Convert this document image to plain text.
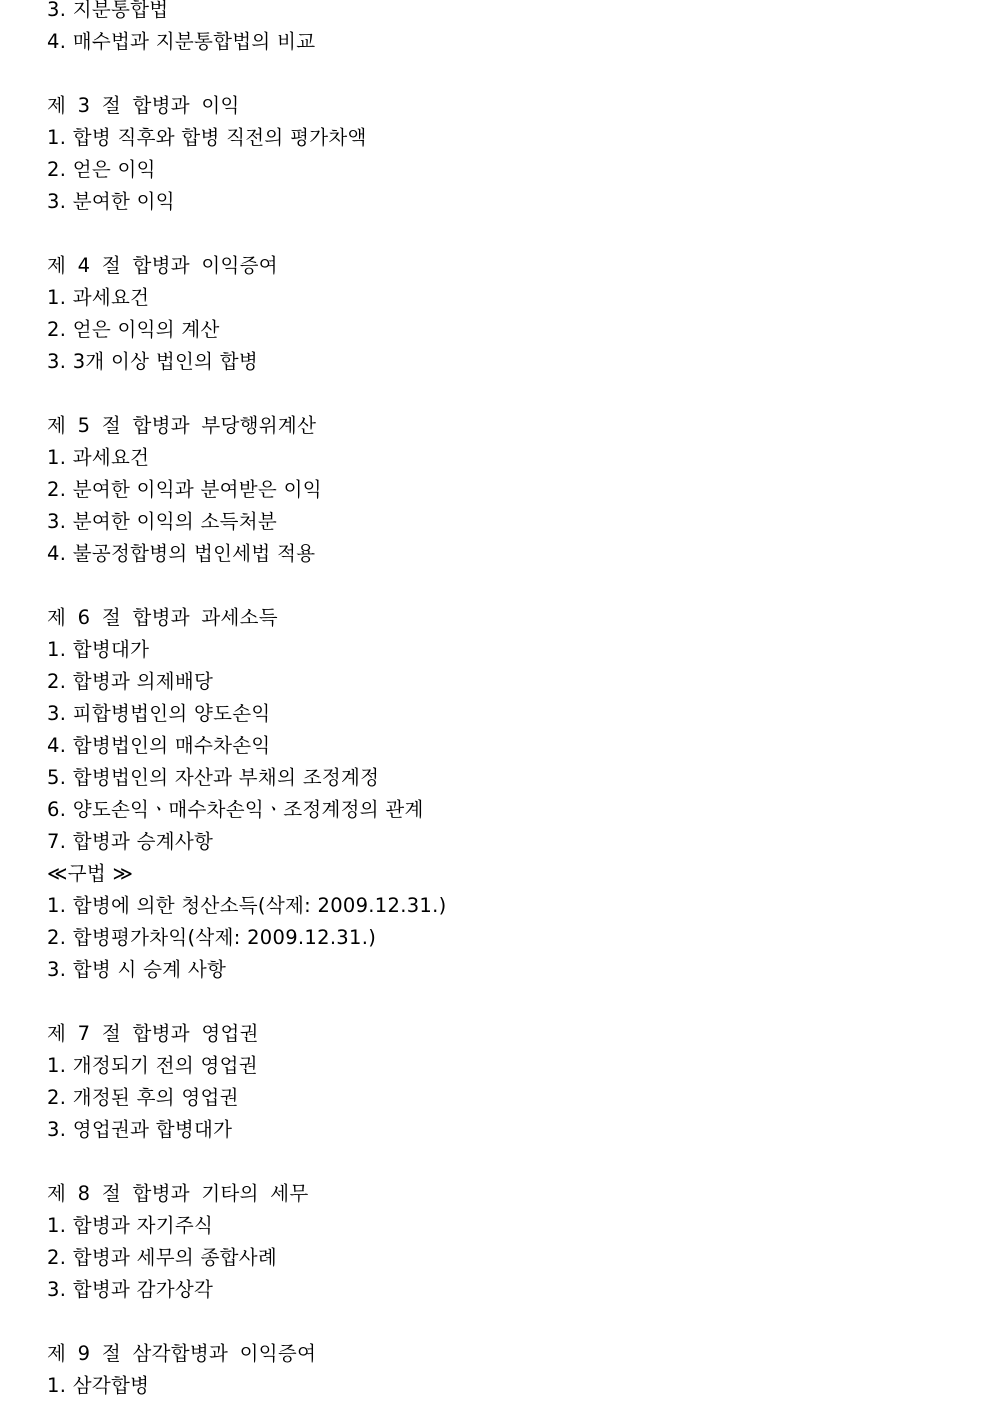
3. 지분통합법
4. 매수법과 지분통합법의 비교
제 3 절 합병과 이익
1. 합병 직후와 합병 직전의 평가차액
2. 얻은 이익
3. 분여한 이익
제 4 절 합병과 이익증여
1. 과세요건
2. 얻은 이익의 계산
3. 3개 이상 법인의 합병
제 5 절 합병과 부당행위계산
1. 과세요건
2. 분여한 이익과 분여받은 이익
3. 분여한 이익의 소득처분
4. 불공정합병의 법인세법 적용
제 6 절 합병과 과세소득
1. 합병대가
2. 합병과 의제배당
3. 피합병법인의 양도손익
4. 합병법인의 매수차손익
5. 합병법인의 자산과 부채의 조정계정
6. 양도손익ㆍ매수차손익ㆍ조정계정의 관계
7. 합병과 승계사항
≪구법 ≫
1. 합병에 의한 청산소득(삭제: 2009.12.31.)
2. 합병평가차익(삭제: 2009.12.31.)
3. 합병 시 승계 사항
제 7 절 합병과 영업권
1. 개정되기 전의 영업권
2. 개정된 후의 영업권
3. 영업권과 합병대가
제 8 절 합병과 기타의 세무
1. 합병과 자기주식
2. 합병과 세무의 종합사례
3. 합병과 감가상각
제 9 절 삼각합병과 이익증여
1. 삼각합병
